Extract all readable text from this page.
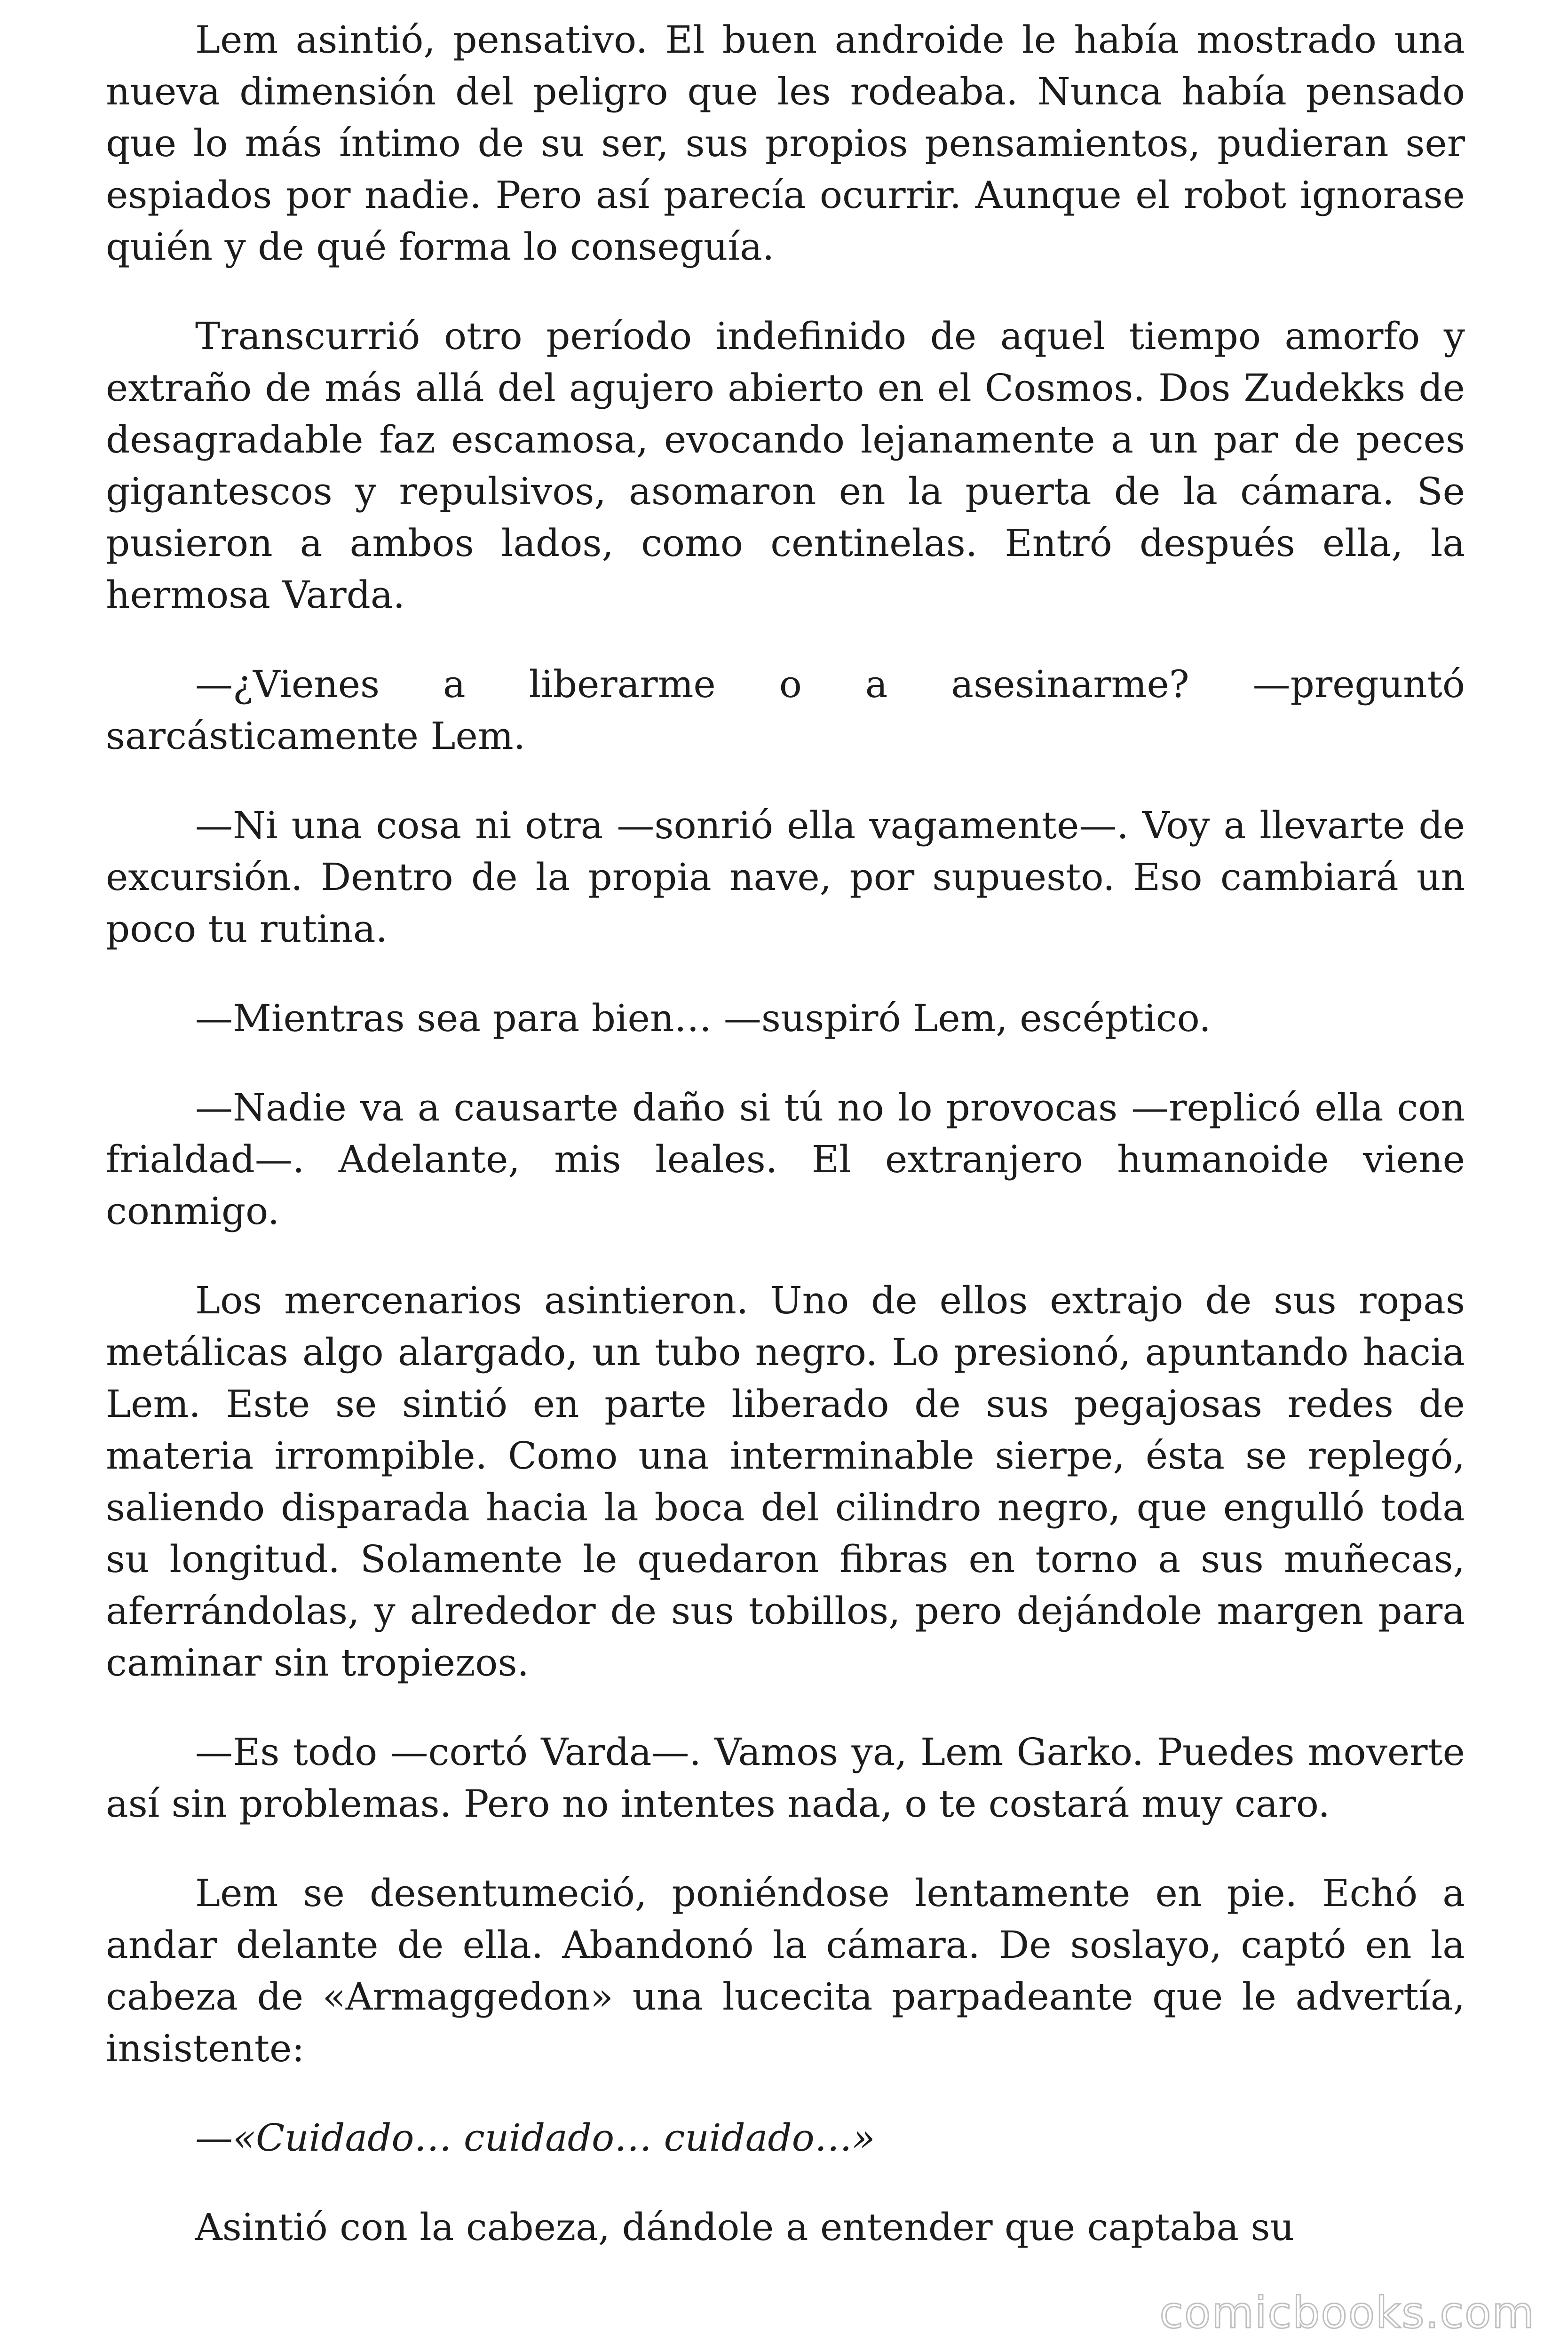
Lem asintió, pensativo. El buen androide le había mostrado una nueva dimensión del peligro que les rodeaba. Nunca había pensado que lo más íntimo de su ser, sus propios pensamientos, pudieran ser espiados por nadie. Pero así parecía ocurrir. Aunque el robot ignorase quién y de qué forma lo conseguía.

Transcurrió otro período indefinido de aquel tiempo amorfo y extraño de más allá del agujero abierto en el Cosmos. Dos Zudekks de desagradable faz escamosa, evocando lejanamente a un par de peces gigantescos y repulsivos, asomaron en la puerta de la cámara. Se pusieron a ambos lados, como centinelas. Entró después ella, la hermosa Varda.

—¿Vienes a liberarme o a asesinarme? —preguntó sarcásticamente Lem.

—Ni una cosa ni otra —sonrió ella vagamente—. Voy a llevarte de excursión. Dentro de la propia nave, por supuesto. Eso cambiará un poco tu rutina.

—Mientras sea para bien… —suspiró Lem, escéptico.

—Nadie va a causarte daño si tú no lo provocas —replicó ella con frialdad—. Adelante, mis leales. El extranjero humanoide viene conmigo.

Los mercenarios asintieron. Uno de ellos extrajo de sus ropas metálicas algo alargado, un tubo negro. Lo presionó, apuntando hacia Lem. Este se sintió en parte liberado de sus pegajosas redes de materia irrompible. Como una interminable sierpe, ésta se replegó, saliendo disparada hacia la boca del cilindro negro, que engulló toda su longitud. Solamente le quedaron fibras en torno a sus muñecas, aferrándolas, y alrededor de sus tobillos, pero dejándole margen para caminar sin tropiezos.

—Es todo —cortó Varda—. Vamos ya, Lem Garko. Puedes moverte así sin problemas. Pero no intentes nada, o te costará muy caro.

Lem se desentumeció, poniéndose lentamente en pie. Echó a andar delante de ella. Abandonó la cámara. De soslayo, captó en la cabeza de «Armaggedon» una lucecita parpadeante que le advertía, insistente:

—«Cuidado… cuidado… cuidado…»

Asintió con la cabeza, dándole a entender que captaba su

comicbooks.com
